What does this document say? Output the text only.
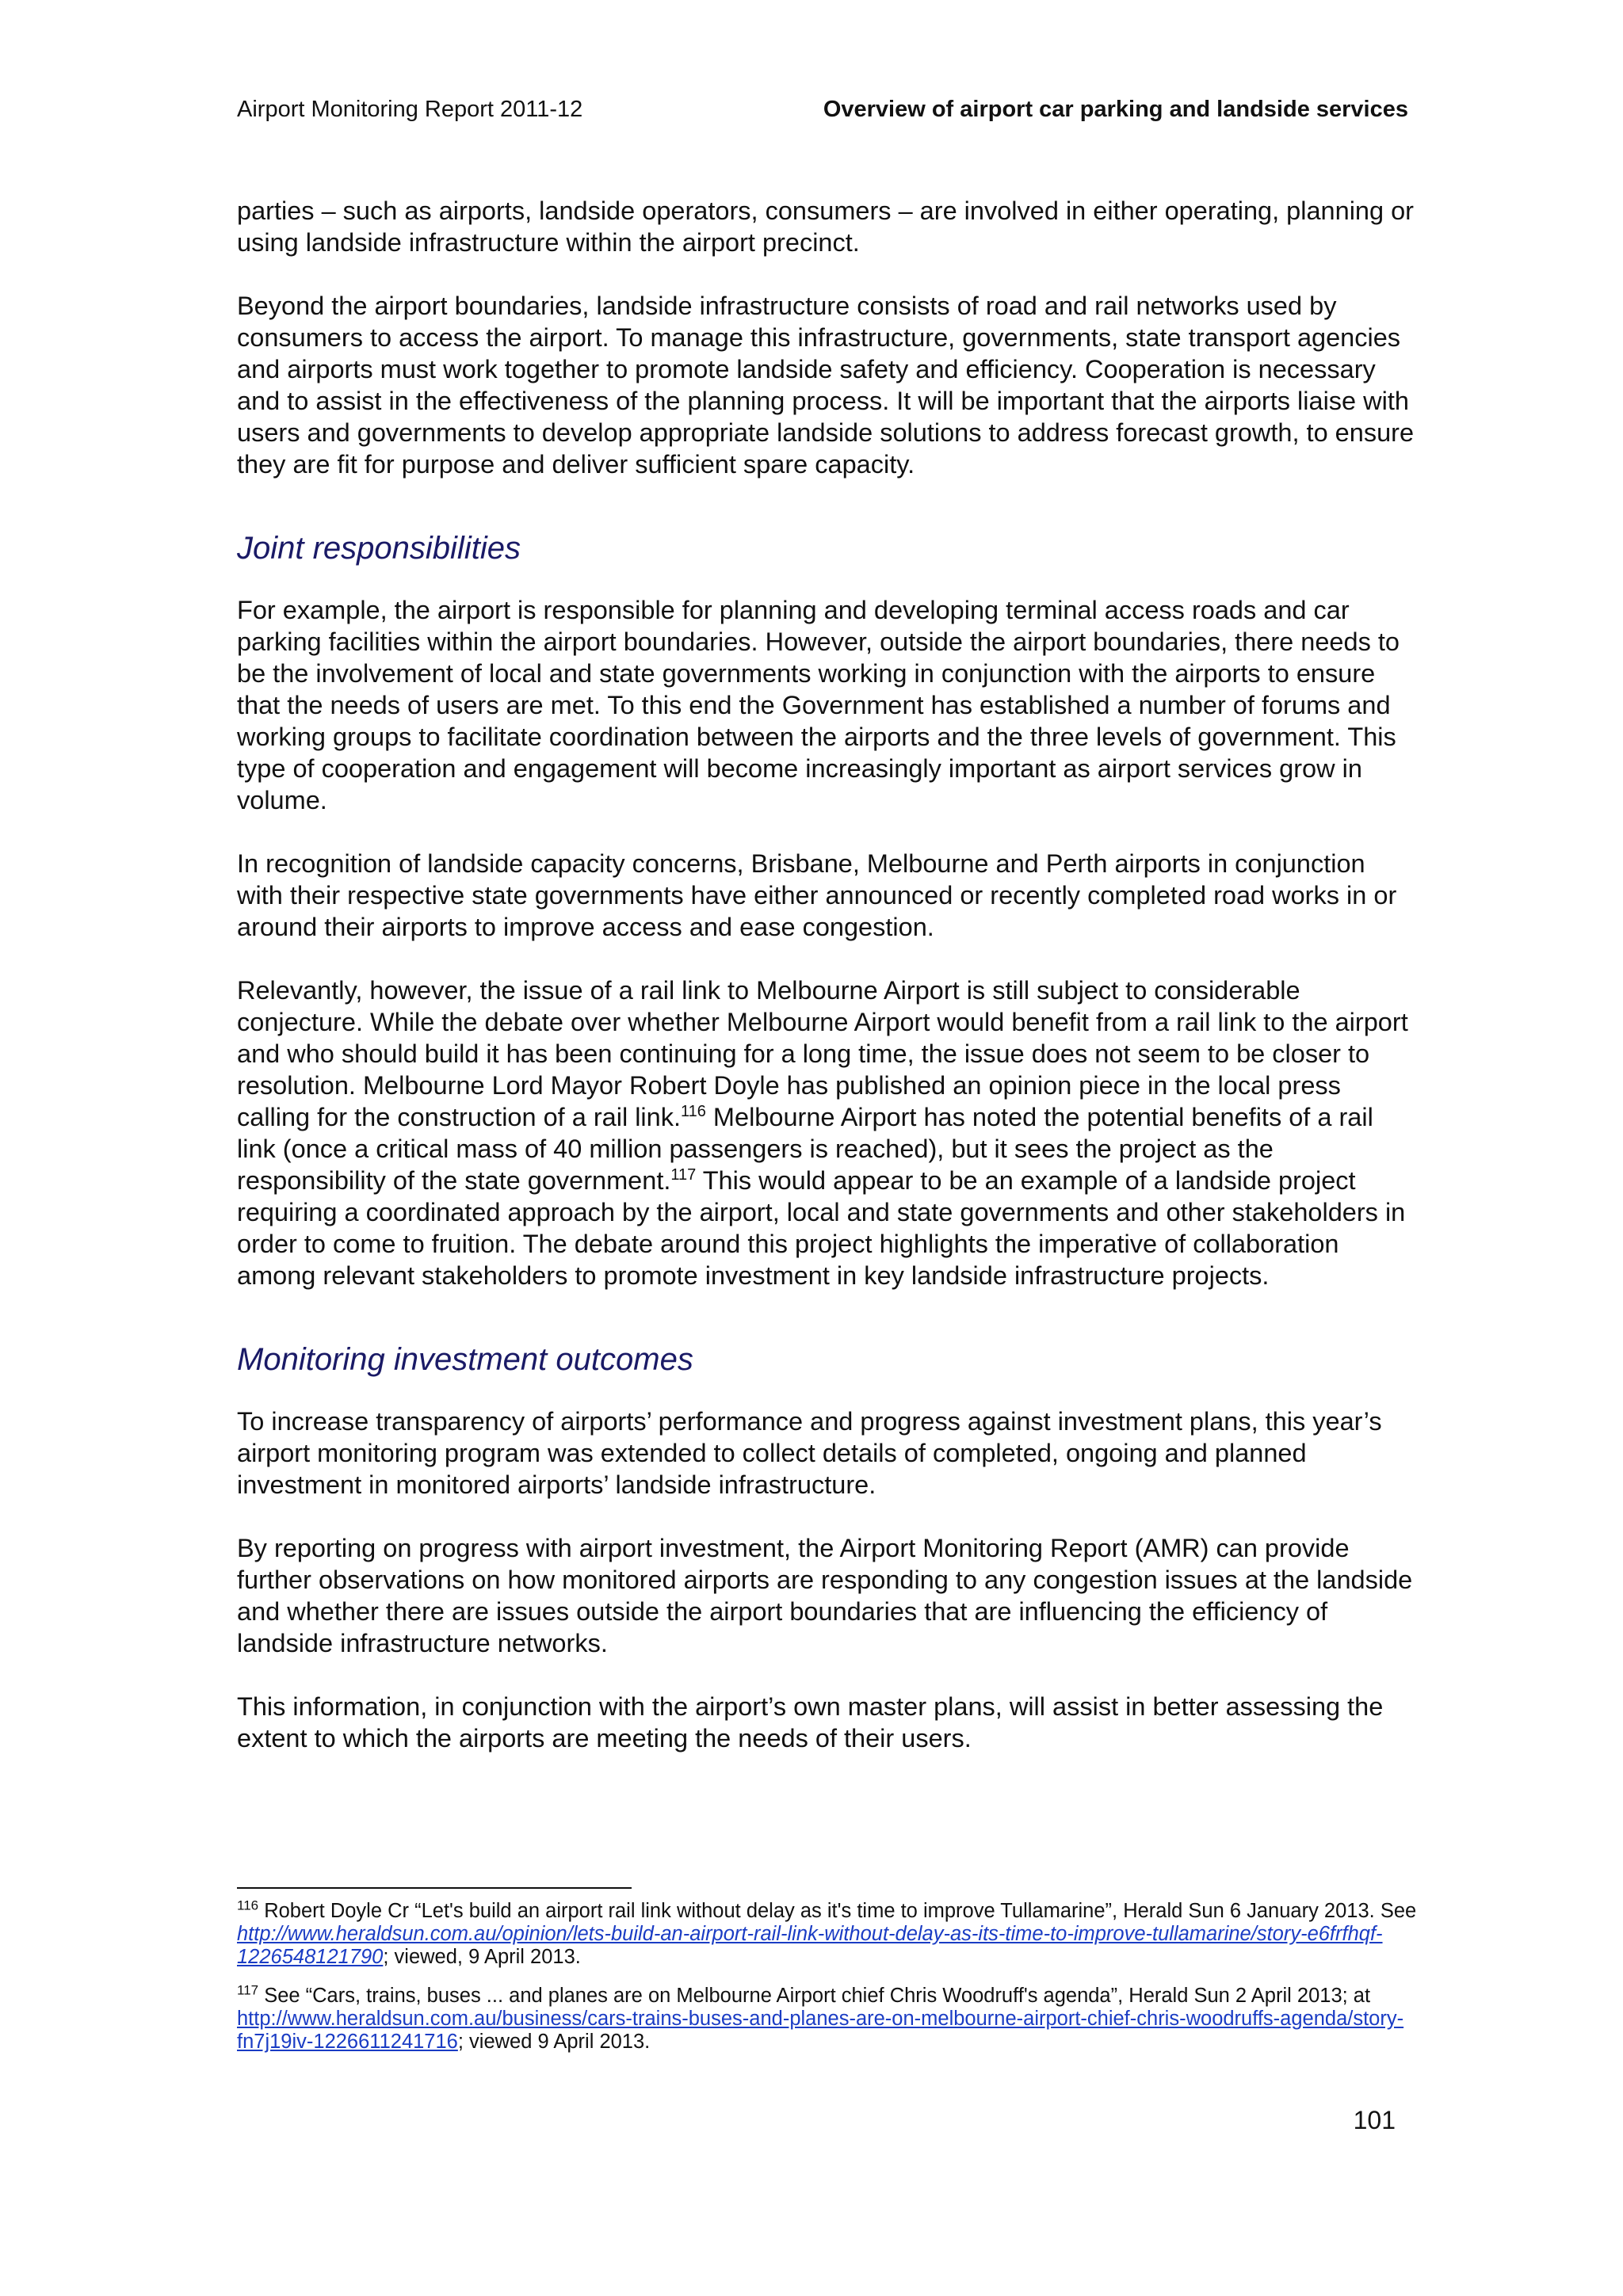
Airport Monitoring Report 2011-12	Overview of airport car parking and landside services

parties – such as airports, landside operators, consumers – are involved in either operating, planning or using landside infrastructure within the airport precinct.

Beyond the airport boundaries, landside infrastructure consists of road and rail networks used by consumers to access the airport. To manage this infrastructure, governments, state transport agencies and airports must work together to promote landside safety and efficiency. Cooperation is necessary and to assist in the effectiveness of the planning process. It will be important that the airports liaise with users and governments to develop appropriate landside solutions to address forecast growth, to ensure they are fit for purpose and deliver sufficient spare capacity.

Joint responsibilities

For example, the airport is responsible for planning and developing terminal access roads and car parking facilities within the airport boundaries. However, outside the airport boundaries, there needs to be the involvement of local and state governments working in conjunction with the airports to ensure that the needs of users are met. To this end the Government has established a number of forums and working groups to facilitate coordination between the airports and the three levels of government. This type of cooperation and engagement will become increasingly important as airport services grow in volume.

In recognition of landside capacity concerns, Brisbane, Melbourne and Perth airports in conjunction with their respective state governments have either announced or recently completed road works in or around their airports to improve access and ease congestion.

Relevantly, however, the issue of a rail link to Melbourne Airport is still subject to considerable conjecture. While the debate over whether Melbourne Airport would benefit from a rail link to the airport and who should build it has been continuing for a long time, the issue does not seem to be closer to resolution. Melbourne Lord Mayor Robert Doyle has published an opinion piece in the local press calling for the construction of a rail link.$^{116}$ Melbourne Airport has noted the potential benefits of a rail link (once a critical mass of 40 million passengers is reached), but it sees the project as the responsibility of the state government.$^{117}$ This would appear to be an example of a landside project requiring a coordinated approach by the airport, local and state governments and other stakeholders in order to come to fruition. The debate around this project highlights the imperative of collaboration among relevant stakeholders to promote investment in key landside infrastructure projects.

Monitoring investment outcomes

To increase transparency of airports’ performance and progress against investment plans, this year’s airport monitoring program was extended to collect details of completed, ongoing and planned investment in monitored airports’ landside infrastructure.

By reporting on progress with airport investment, the Airport Monitoring Report (AMR) can provide further observations on how monitored airports are responding to any congestion issues at the landside and whether there are issues outside the airport boundaries that are influencing the efficiency of landside infrastructure networks.

This information, in conjunction with the airport’s own master plans, will assist in better assessing the extent to which the airports are meeting the needs of their users.

$^{116}$ Robert Doyle Cr “Let's build an airport rail link without delay as it's time to improve Tullamarine”, Herald Sun 6 January 2013. See http://www.heraldsun.com.au/opinion/lets-build-an-airport-rail-link-without-delay-as-its-time-to-improve-tullamarine/story-e6frfhqf-1226548121790; viewed, 9 April 2013.
$^{117}$ See “Cars, trains, buses ... and planes are on Melbourne Airport chief Chris Woodruff's agenda”, Herald Sun 2 April 2013; at http://www.heraldsun.com.au/business/cars-trains-buses-and-planes-are-on-melbourne-airport-chief-chris-woodruffs-agenda/story-fn7j19iv-1226611241716; viewed 9 April 2013.
101
